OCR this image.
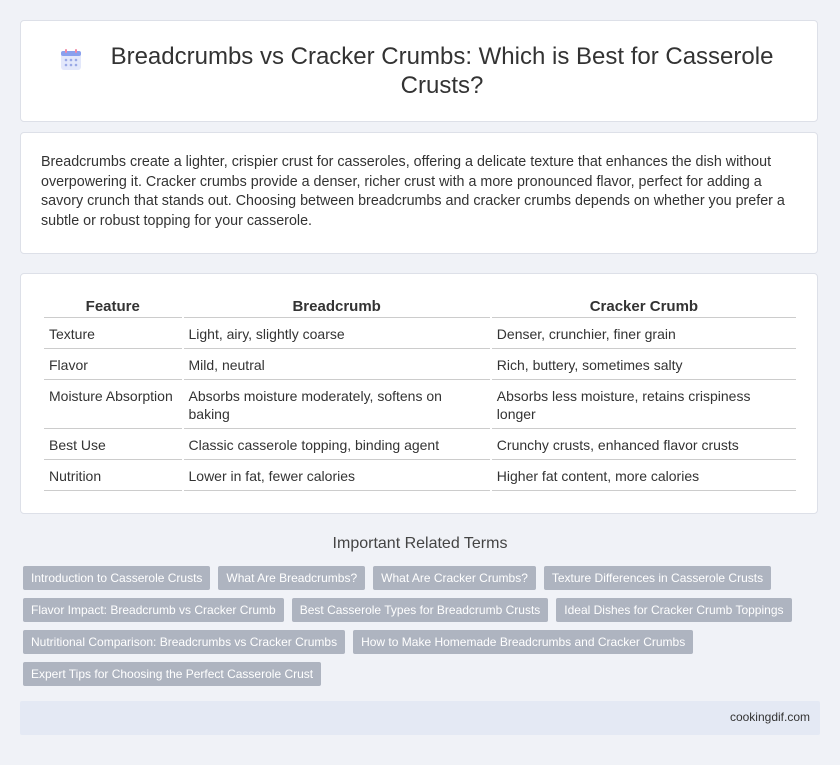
Breadcrumbs vs Cracker Crumbs: Which is Best for Casserole Crusts?

Breadcrumbs create a lighter, crispier crust for casseroles, offering a delicate texture that enhances the dish without overpowering it. Cracker crumbs provide a denser, richer crust with a more pronounced flavor, perfect for adding a savory crunch that stands out. Choosing between breadcrumbs and cracker crumbs depends on whether you prefer a subtle or robust topping for your casserole.

Feature	Breadcrumb	Cracker Crumb
Texture	Light, airy, slightly coarse	Denser, crunchier, finer grain
Flavor	Mild, neutral	Rich, buttery, sometimes salty
Moisture Absorption	Absorbs moisture moderately, softens on baking	Absorbs less moisture, retains crispiness longer
Best Use	Classic casserole topping, binding agent	Crunchy crusts, enhanced flavor crusts
Nutrition	Lower in fat, fewer calories	Higher fat content, more calories
Important Related Terms
Introduction to Casserole Crusts	What Are Breadcrumbs?	What Are Cracker Crumbs?	Texture Differences in Casserole Crusts
Flavor Impact: Breadcrumb vs Cracker Crumb	Best Casserole Types for Breadcrumb Crusts	Ideal Dishes for Cracker Crumb Toppings
Nutritional Comparison: Breadcrumbs vs Cracker Crumbs	How to Make Homemade Breadcrumbs and Cracker Crumbs
Expert Tips for Choosing the Perfect Casserole Crust
cookingdif.com
